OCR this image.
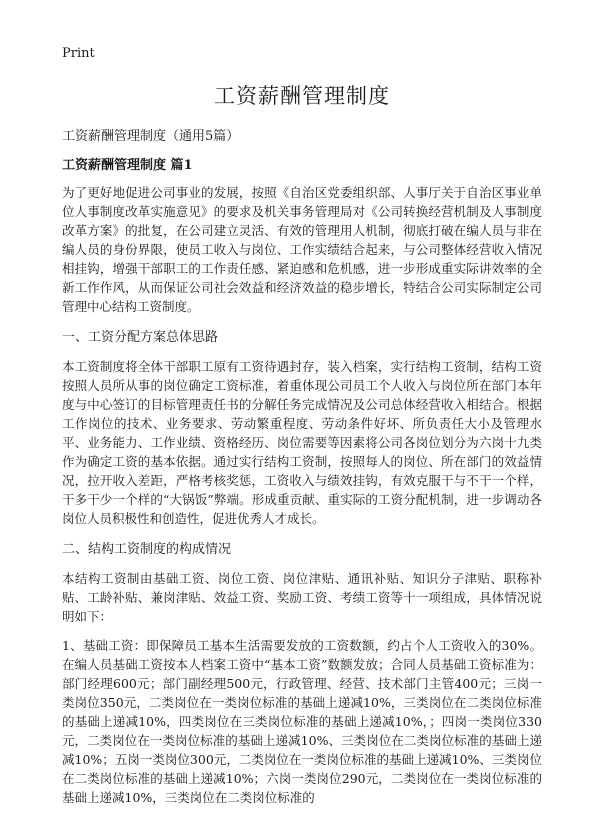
Print

工资薪酬管理制度

工资薪酬管理制度（通用5篇）

工资薪酬管理制度 篇1

为了更好地促进公司事业的发展，按照《自治区党委组织部、人事厅关于自治区事业单位人事制度改革实施意见》的要求及机关事务管理局对《公司转换经营机制及人事制度改革方案》的批复，在公司建立灵活、有效的管理用人机制，彻底打破在编人员与非在编人员的身份界限，使员工收入与岗位、工作实绩结合起来，与公司整体经营收入情况相挂钩，增强干部职工的工作责任感、紧迫感和危机感，进一步形成重实际讲效率的全新工作作风，从而保证公司社会效益和经济效益的稳步增长，特结合公司实际制定公司管理中心结构工资制度。

一、工资分配方案总体思路

本工资制度将全体干部职工原有工资待遇封存，装入档案，实行结构工资制，结构工资按照人员所从事的岗位确定工资标准，着重体现公司员工个人收入与岗位所在部门本年度与中心签订的目标管理责任书的分解任务完成情况及公司总体经营收入相结合。根据工作岗位的技术、业务要求、劳动繁重程度、劳动条件好坏、所负责任大小及管理水平、业务能力、工作业绩、资格经历、岗位需要等因素将公司各岗位划分为六岗十九类作为确定工资的基本依据。通过实行结构工资制，按照每人的岗位、所在部门的效益情况，拉开收入差距，严格考核奖惩，工资收入与绩效挂钩，有效克服干与不干一个样，干多干少一个样的“大锅饭”弊端。形成重贡献、重实际的工资分配机制，进一步调动各岗位人员积极性和创造性，促进优秀人才成长。

二、结构工资制度的构成情况

本结构工资制由基础工资、岗位工资、岗位津贴、通讯补贴、知识分子津贴、职称补贴、工龄补贴、兼岗津贴、效益工资、奖励工资、考绩工资等十一项组成，具体情况说明如下：

1、基础工资：即保障员工基本生活需要发放的工资数额，约占个人工资收入的30%。在编人员基础工资按本人档案工资中“基本工资”数额发放；合同人员基础工资标准为：部门经理600元；部门副经理500元，行政管理、经营、技术部门主管400元；三岗一类岗位350元，二类岗位在一类岗位标准的基础上递减10%，三类岗位在二类岗位标准的基础上递减10%，四类岗位在三类岗位标准的基础上递减10%，；四岗一类岗位330元，二类岗位在一类岗位标准的基础上递减10%、三类岗位在二类岗位标准的基础上递减10%；五岗一类岗位300元，二类岗位在一类岗位标准的基础上递减10%、三类岗位在二类岗位标准的基础上递减10%；六岗一类岗位290元，二类岗位在一类岗位标准的基础上递减10%，三类岗位在二类岗位标准的
